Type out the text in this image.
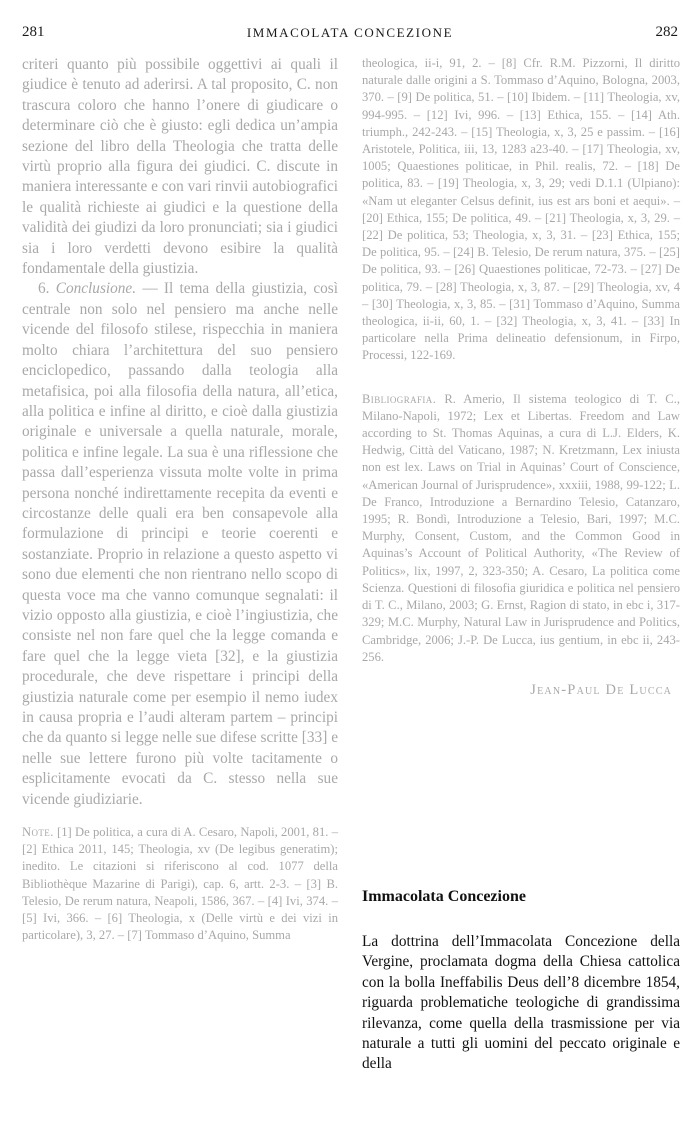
281	IMMACOLATA CONCEZIONE	282

criteri quanto più possibile oggettivi ai quali il giudice è tenuto ad aderirsi. A tal proposito, C. non trascura coloro che hanno l’onere di giudicare o determinare ciò che è giusto: egli dedica un’ampia sezione del libro della Theologia che tratta delle virtù proprio alla figura dei giudici. C. discute in maniera interessante e con vari rinvii autobiografici le qualità richieste ai giudici e la questione della validità dei giudizi da loro pronunciati; sia i giudici sia i loro verdetti devono esibire la qualità fondamentale della giustizia.

6. Conclusione. — Il tema della giustizia, così centrale non solo nel pensiero ma anche nelle vicende del filosofo stilese, rispecchia in maniera molto chiara l’architettura del suo pensiero enciclopedico, passando dalla teologia alla metafisica, poi alla filosofia della natura, all’etica, alla politica e infine al diritto, e cioè dalla giustizia originale e universale a quella naturale, morale, politica e infine legale. La sua è una riflessione che passa dall’esperienza vissuta molte volte in prima persona nonché indirettamente recepita da eventi e circostanze delle quali era ben consapevole alla formulazione di principi e teorie coerenti e sostanziate. Proprio in relazione a questo aspetto vi sono due elementi che non rientrano nello scopo di questa voce ma che vanno comunque segnalati: il vizio opposto alla giustizia, e cioè l’ingiustizia, che consiste nel non fare quel che la legge comanda e fare quel che la legge vieta [32], e la giustizia procedurale, che deve rispettare i principi della giustizia naturale come per esempio il nemo iudex in causa propria e l’audi alteram partem – principi che da quanto si legge nelle sue difese scritte [33] e nelle sue lettere furono più volte tacitamente o esplicitamente evocati da C. stesso nella sue vicende giudiziarie.

Note. [1] De politica, a cura di A. Cesaro, Napoli, 2001, 81. – [2] Ethica 2011, 145; Theologia, xv (De legibus generatim); inedito. Le citazioni si riferiscono al cod. 1077 della Bibliothèque Mazarine di Parigi), cap. 6, artt. 2-3. – [3] B. Telesio, De rerum natura, Neapoli, 1586, 367. – [4] Ivi, 374. – [5] Ivi, 366. – [6] Theologia, x (Delle virtù e dei vizi in particolare), 3, 27. – [7] Tommaso d’Aquino, Summa

theologica, ii-i, 91, 2. – [8] Cfr. R.M. Pizzorni, Il diritto naturale dalle origini a S. Tommaso d’Aquino, Bologna, 2003, 370. – [9] De politica, 51. – [10] Ibidem. – [11] Theologia, xv, 994-995. – [12] Ivi, 996. – [13] Ethica, 155. – [14] Ath. triumph., 242-243. – [15] Theologia, x, 3, 25 e passim. – [16] Aristotele, Politica, iii, 13, 1283 a23-40. – [17] Theologia, xv, 1005; Quaestiones politicae, in Phil. realis, 72. – [18] De politica, 83. – [19] Theologia, x, 3, 29; vedi D.1.1 (Ulpiano): «Nam ut eleganter Celsus definit, ius est ars boni et aequi». – [20] Ethica, 155; De politica, 49. – [21] Theologia, x, 3, 29. – [22] De politica, 53; Theologia, x, 3, 31. – [23] Ethica, 155; De politica, 95. – [24] B. Telesio, De rerum natura, 375. – [25] De politica, 93. – [26] Quaestiones politicae, 72-73. – [27] De politica, 79. – [28] Theologia, x, 3, 87. – [29] Theologia, xv, 4 – [30] Theologia, x, 3, 85. – [31] Tommaso d’Aquino, Summa theologica, ii-ii, 60, 1. – [32] Theologia, x, 3, 41. – [33] In particolare nella Prima delineatio defensionum, in Firpo, Processi, 122-169.

Bibliografia. R. Amerio, Il sistema teologico di T. C., Milano-Napoli, 1972; Lex et Libertas. Freedom and Law according to St. Thomas Aquinas, a cura di L.J. Elders, K. Hedwig, Città del Vaticano, 1987; N. Kretzmann, Lex iniusta non est lex. Laws on Trial in Aquinas’ Court of Conscience, «American Journal of Jurisprudence», xxxiii, 1988, 99-122; L. De Franco, Introduzione a Bernardino Telesio, Catanzaro, 1995; R. Bondì, Introduzione a Telesio, Bari, 1997; M.C. Murphy, Consent, Custom, and the Common Good in Aquinas’s Account of Political Authority, «The Review of Politics», lix, 1997, 2, 323-350; A. Cesaro, La politica come Scienza. Questioni di filosofia giuridica e politica nel pensiero di T. C., Milano, 2003; G. Ernst, Ragion di stato, in ebc i, 317-329; M.C. Murphy, Natural Law in Jurisprudence and Politics, Cambridge, 2006; J.-P. De Lucca, ius gentium, in ebc ii, 243-256.

Jean-Paul De Lucca

Immacolata Concezione

La dottrina dell’Immacolata Concezione della Vergine, proclamata dogma della Chiesa cattolica con la bolla Ineffabilis Deus dell’8 dicembre 1854, riguarda problematiche teologiche di grandissima rilevanza, come quella della trasmissione per via naturale a tutti gli uomini del peccato originale e della
